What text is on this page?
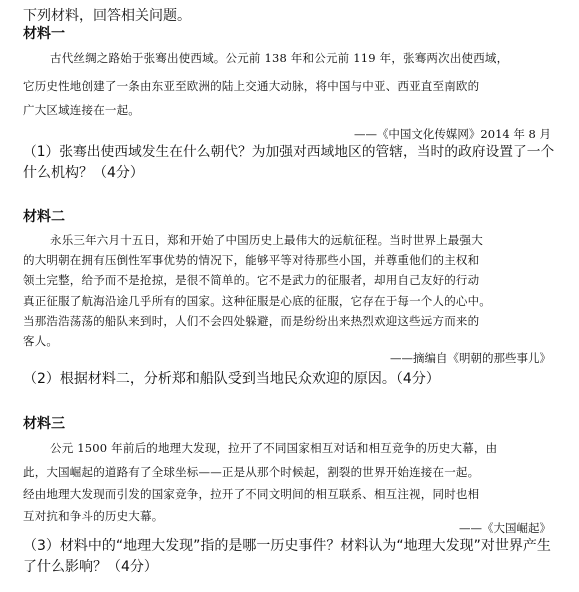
下列材料，回答相关问题。
材料一
古代丝绸之路始于张骞出使西域。公元前 138 年和公元前 119 年，张骞两次出使西域，
它历史性地创建了一条由东亚至欧洲的陆上交通大动脉，将中国与中亚、西亚直至南欧的
广大区域连接在一起。
——《中国文化传媒网》2014 年 8 月
（1）张骞出使西域发生在什么朝代？为加强对西域地区的管辖，当时的政府设置了一个
什么机构？（4分）
材料二
永乐三年六月十五日，郑和开始了中国历史上最伟大的远航征程。当时世界上最强大
的大明朝在拥有压倒性军事优势的情况下，能够平等对待那些小国，并尊重他们的主权和
领土完整，给予而不是抢掠，是很不简单的。它不是武力的征服者，却用自己友好的行动
真正征服了航海沿途几乎所有的国家。这种征服是心底的征服，它存在于每一个人的心中。
当那浩浩荡荡的船队来到时，人们不会四处躲避，而是纷纷出来热烈欢迎这些远方而来的
客人。
——摘编自《明朝的那些事儿》
（2）根据材料二，分析郑和船队受到当地民众欢迎的原因。（4分）
材料三
公元 1500 年前后的地理大发现，拉开了不同国家相互对话和相互竞争的历史大幕，由
此，大国崛起的道路有了全球坐标——正是从那个时候起，割裂的世界开始连接在一起。
经由地理大发现而引发的国家竞争，拉开了不同文明间的相互联系、相互注视，同时也相
互对抗和争斗的历史大幕。
——《大国崛起》
（3）材料中的“地理大发现”指的是哪一历史事件？材料认为“地理大发现”对世界产生
了什么影响？（4分）
